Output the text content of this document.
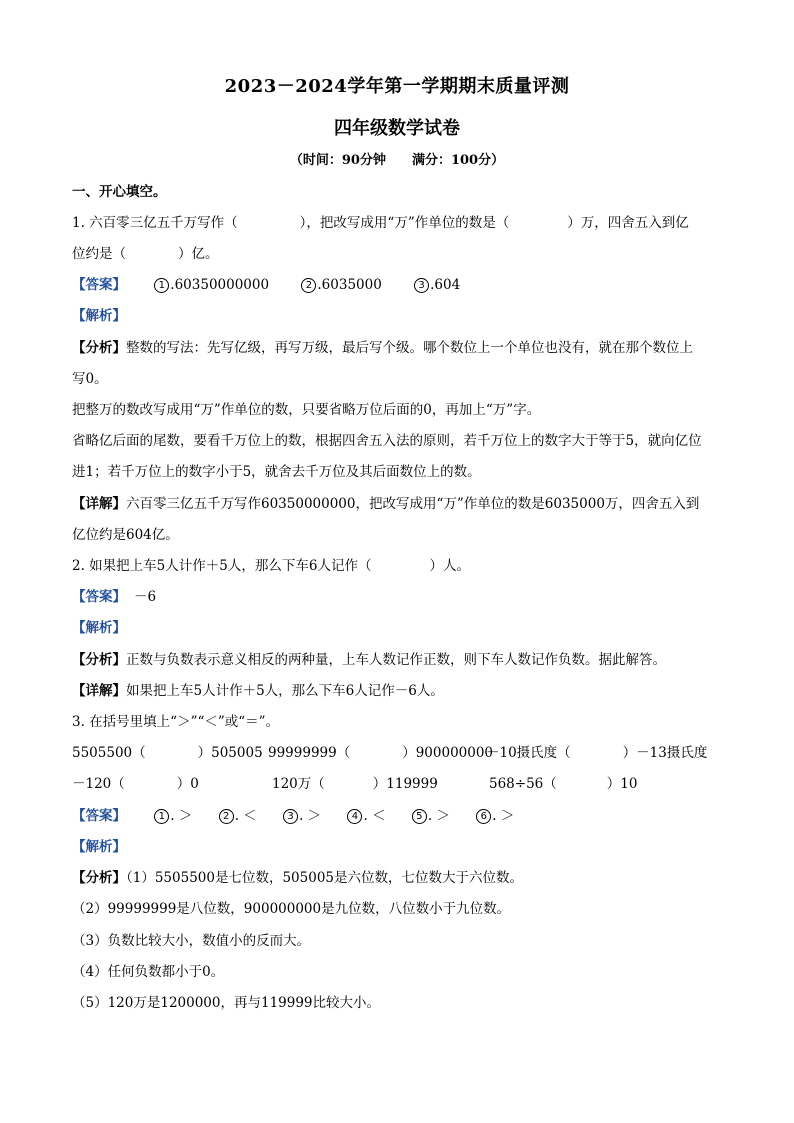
2023－2024学年第一学期期末质量评测
四年级数学试卷
（时间：90分钟 满分：100分）
一、开心填空。
1. 六百零三亿五千万写作（	），把改写成用“万”作单位的数是（	）万，四舍五入到亿
位约是（	）亿。
【答案】	1 .60350000000	2 .6035000	3 .604
【解析】
【分析】整数的写法：先写亿级，再写万级，最后写个级。哪个数位上一个单位也没有，就在那个数位上
写0。
把整万的数改写成用“万”作单位的数，只要省略万位后面的0，再加上“万”字。
省略亿后面的尾数，要看千万位上的数，根据四舍五入法的原则，若千万位上的数字大于等于5，就向亿位
进1；若千万位上的数字小于5，就舍去千万位及其后面数位上的数。
【详解】六百零三亿五千万写作60350000000，把改写成用“万”作单位的数是6035000万，四舍五入到
亿位约是604亿。
2. 如果把上车5人计作＋5人，那么下车6人记作（	）人。
【答案】 －6
【解析】
【分析】正数与负数表示意义相反的两种量，上车人数记作正数，则下车人数记作负数。据此解答。
【详解】如果把上车5人计作＋5人，那么下车6人记作－6人。
3. 在括号里填上“＞”“＜”或“＝”。
5505500（	）505005 99999999（	）900000000
－10摄氏度（	）－13摄氏度
－120（	）0	120万（	）119999	568÷56（	）10
【答案】	1 . ＞	2 . ＜	3 . ＞	4 . ＜	5 . ＞	6 . ＞
【解析】
【分析】（1）5505500是七位数，505005是六位数，七位数大于六位数。
（2）99999999是八位数，900000000是九位数，八位数小于九位数。
（3）负数比较大小，数值小的反而大。
（4）任何负数都小于0。
（5）120万是1200000，再与119999比较大小。
